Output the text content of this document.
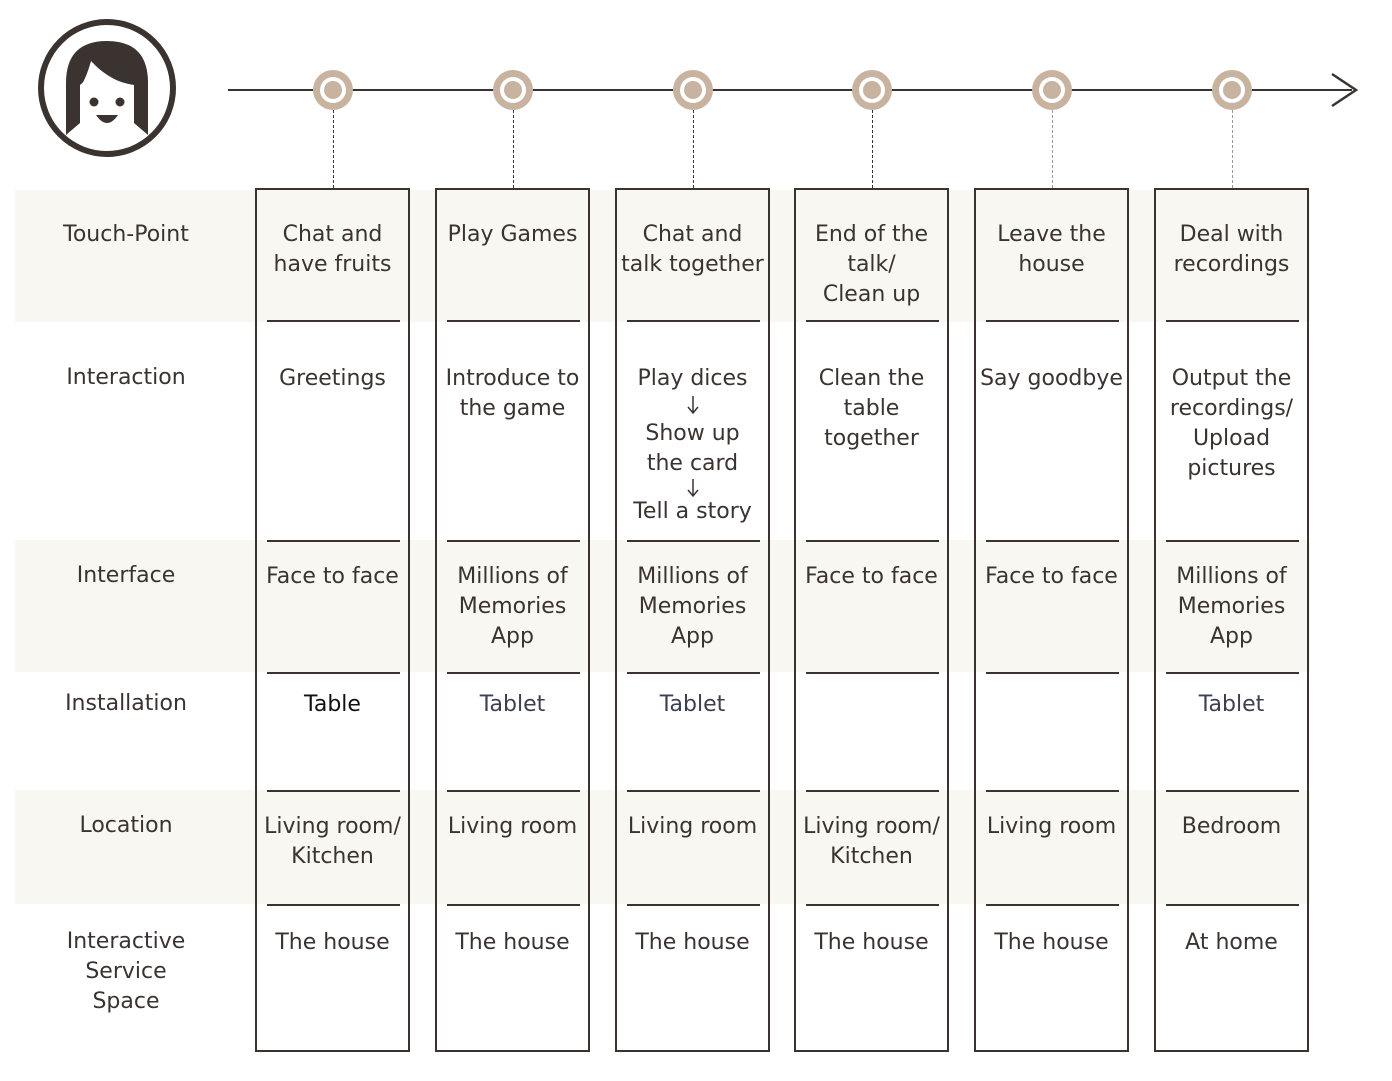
Touch-Point
Interaction
Interface
Installation
Location
Interactive
Service
Space
Chat and
have fruits
Greetings
Face to face
Table
Living room/
Kitchen
The house
Play Games
Introduce to
the game
Millions of
Memories
App
Tablet
Living room
The house
Chat and
talk together
Play dices
Show up
the card
Tell a story
Millions of
Memories
App
Tablet
Living room
The house
End of the
talk/
Clean up
Clean the
table
together
Face to face
Living room/
Kitchen
The house
Leave the
house
Say goodbye
Face to face
Living room
The house
Deal with
recordings
Output the
recordings/
Upload
pictures
Millions of
Memories
App
Tablet
Bedroom
At home
